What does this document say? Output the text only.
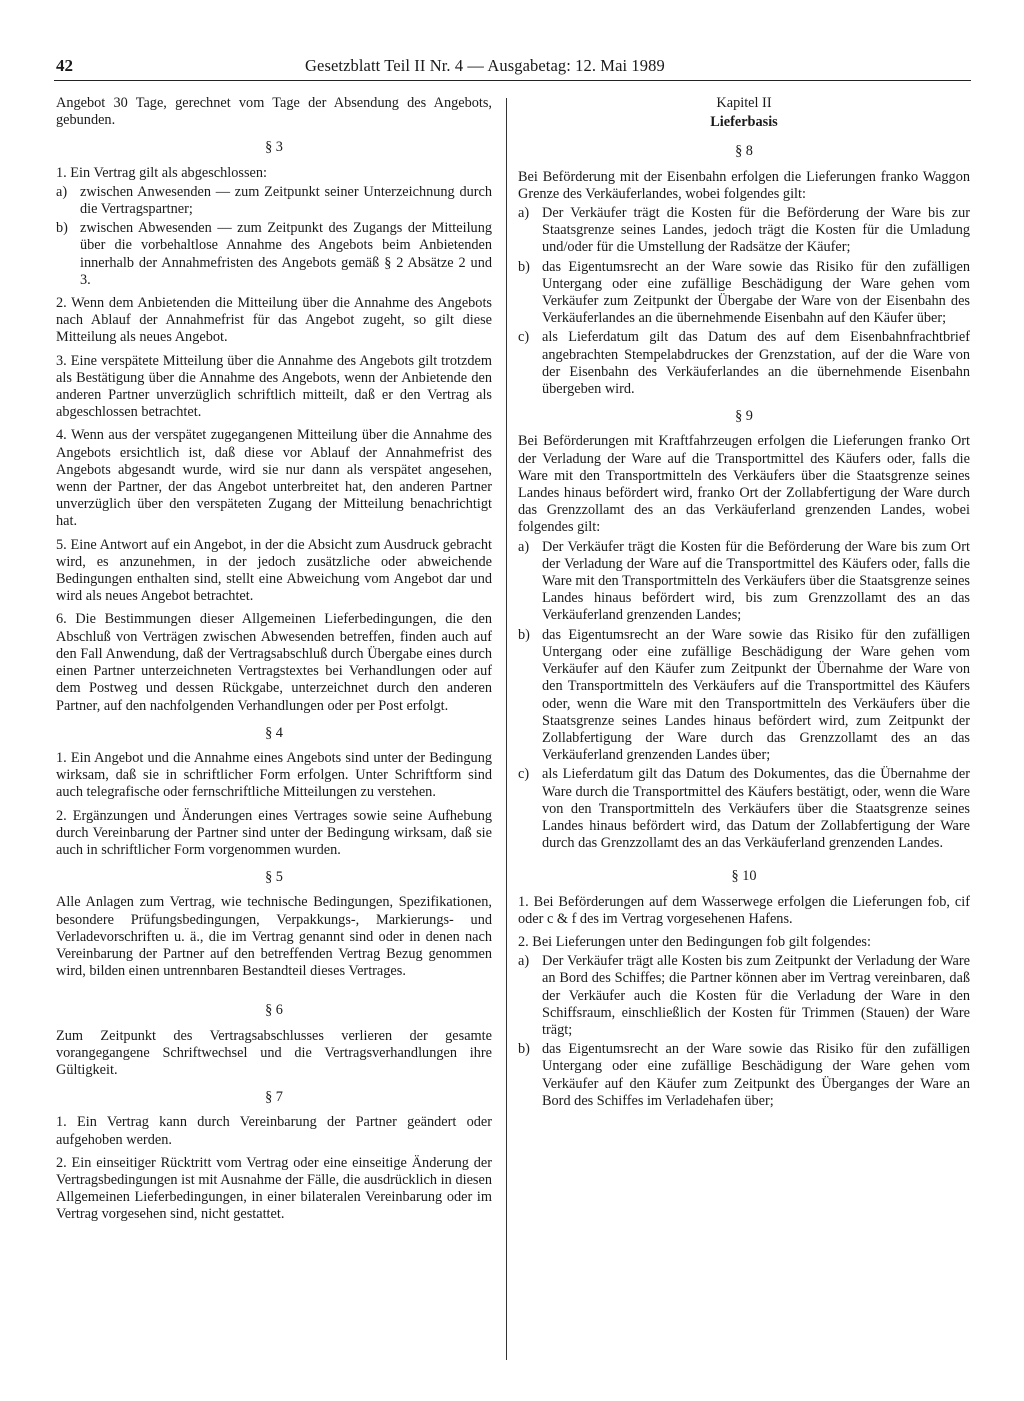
42	Gesetzblatt Teil II Nr. 4 — Ausgabetag: 12. Mai 1989

Angebot 30 Tage, gerechnet vom Tage der Absendung des Angebots, gebunden.

§ 3

1. Ein Vertrag gilt als abgeschlossen:

a) zwischen Anwesenden — zum Zeitpunkt seiner Unterzeichnung durch die Vertragspartner;
b) zwischen Abwesenden — zum Zeitpunkt des Zugangs der Mitteilung über die vorbehaltlose Annahme des Angebots beim Anbietenden innerhalb der Annahmefristen des Angebots gemäß § 2 Absätze 2 und 3.

2. Wenn dem Anbietenden die Mitteilung über die Annahme des Angebots nach Ablauf der Annahmefrist für das Angebot zugeht, so gilt diese Mitteilung als neues Angebot.

3. Eine verspätete Mitteilung über die Annahme des Angebots gilt trotzdem als Bestätigung über die Annahme des Angebots, wenn der Anbietende den anderen Partner unverzüglich schriftlich mitteilt, daß er den Vertrag als abgeschlossen betrachtet.

4. Wenn aus der verspätet zugegangenen Mitteilung über die Annahme des Angebots ersichtlich ist, daß diese vor Ablauf der Annahmefrist des Angebots abgesandt wurde, wird sie nur dann als verspätet angesehen, wenn der Partner, der das Angebot unterbreitet hat, den anderen Partner unverzüglich über den verspäteten Zugang der Mitteilung benachrichtigt hat.

5. Eine Antwort auf ein Angebot, in der die Absicht zum Ausdruck gebracht wird, es anzunehmen, in der jedoch zusätzliche oder abweichende Bedingungen enthalten sind, stellt eine Abweichung vom Angebot dar und wird als neues Angebot betrachtet.

6. Die Bestimmungen dieser Allgemeinen Lieferbedingungen, die den Abschluß von Verträgen zwischen Abwesenden betreffen, finden auch auf den Fall Anwendung, daß der Vertragsabschluß durch Übergabe eines durch einen Partner unterzeichneten Vertragstextes bei Verhandlungen oder auf dem Postweg und dessen Rückgabe, unterzeichnet durch den anderen Partner, auf den nachfolgenden Verhandlungen oder per Post erfolgt.

§ 4

1. Ein Angebot und die Annahme eines Angebots sind unter der Bedingung wirksam, daß sie in schriftlicher Form erfolgen. Unter Schriftform sind auch telegrafische oder fernschriftliche Mitteilungen zu verstehen.

2. Ergänzungen und Änderungen eines Vertrages sowie seine Aufhebung durch Vereinbarung der Partner sind unter der Bedingung wirksam, daß sie auch in schriftlicher Form vorgenommen wurden.

§ 5

Alle Anlagen zum Vertrag, wie technische Bedingungen, Spezifikationen, besondere Prüfungsbedingungen, Verpakkungs-, Markierungs- und Verladevorschriften u. ä., die im Vertrag genannt sind oder in denen nach Vereinbarung der Partner auf den betreffenden Vertrag Bezug genommen wird, bilden einen untrennbaren Bestandteil dieses Vertrages.

§ 6

Zum Zeitpunkt des Vertragsabschlusses verlieren der gesamte vorangegangene Schriftwechsel und die Vertragsverhandlungen ihre Gültigkeit.

§ 7

1. Ein Vertrag kann durch Vereinbarung der Partner geändert oder aufgehoben werden.

2. Ein einseitiger Rücktritt vom Vertrag oder eine einseitige Änderung der Vertragsbedingungen ist mit Ausnahme der Fälle, die ausdrücklich in diesen Allgemeinen Lieferbedingungen, in einer bilateralen Vereinbarung oder im Vertrag vorgesehen sind, nicht gestattet.

Kapitel II
Lieferbasis
§ 8

Bei Beförderung mit der Eisenbahn erfolgen die Lieferungen franko Waggon Grenze des Verkäuferlandes, wobei folgendes gilt:

a) Der Verkäufer trägt die Kosten für die Beförderung der Ware bis zur Staatsgrenze seines Landes, jedoch trägt die Kosten für die Umladung und/oder für die Umstellung der Radsätze der Käufer;
b) das Eigentumsrecht an der Ware sowie das Risiko für den zufälligen Untergang oder eine zufällige Beschädigung der Ware gehen vom Verkäufer zum Zeitpunkt der Übergabe der Ware von der Eisenbahn des Verkäuferlandes an die übernehmende Eisenbahn auf den Käufer über;
c) als Lieferdatum gilt das Datum des auf dem Eisenbahnfrachtbrief angebrachten Stempelabdruckes der Grenzstation, auf der die Ware von der Eisenbahn des Verkäuferlandes an die übernehmende Eisenbahn übergeben wird.
§ 9

Bei Beförderungen mit Kraftfahrzeugen erfolgen die Lieferungen franko Ort der Verladung der Ware auf die Transportmittel des Käufers oder, falls die Ware mit den Transportmitteln des Verkäufers über die Staatsgrenze seines Landes hinaus befördert wird, franko Ort der Zollabfertigung der Ware durch das Grenzzollamt des an das Verkäuferland grenzenden Landes, wobei folgendes gilt:

a) Der Verkäufer trägt die Kosten für die Beförderung der Ware bis zum Ort der Verladung der Ware auf die Transportmittel des Käufers oder, falls die Ware mit den Transportmitteln des Verkäufers über die Staatsgrenze seines Landes hinaus befördert wird, bis zum Grenzzollamt des an das Verkäuferland grenzenden Landes;
b) das Eigentumsrecht an der Ware sowie das Risiko für den zufälligen Untergang oder eine zufällige Beschädigung der Ware gehen vom Verkäufer auf den Käufer zum Zeitpunkt der Übernahme der Ware von den Transportmitteln des Verkäufers auf die Transportmittel des Käufers oder, wenn die Ware mit den Transportmitteln des Verkäufers über die Staatsgrenze seines Landes hinaus befördert wird, zum Zeitpunkt der Zollabfertigung der Ware durch das Grenzzollamt des an das Verkäuferland grenzenden Landes über;
c) als Lieferdatum gilt das Datum des Dokumentes, das die Übernahme der Ware durch die Transportmittel des Käufers bestätigt, oder, wenn die Ware von den Transportmitteln des Verkäufers über die Staatsgrenze seines Landes hinaus befördert wird, das Datum der Zollabfertigung der Ware durch das Grenzzollamt des an das Verkäuferland grenzenden Landes.
§ 10

1. Bei Beförderungen auf dem Wasserwege erfolgen die Lieferungen fob, cif oder c & f des im Vertrag vorgesehenen Hafens.

2. Bei Lieferungen unter den Bedingungen fob gilt folgendes:

a) Der Verkäufer trägt alle Kosten bis zum Zeitpunkt der Verladung der Ware an Bord des Schiffes; die Partner können aber im Vertrag vereinbaren, daß der Verkäufer auch die Kosten für die Verladung der Ware in den Schiffsraum, einschließlich der Kosten für Trimmen (Stauen) der Ware trägt;
b) das Eigentumsrecht an der Ware sowie das Risiko für den zufälligen Untergang oder eine zufällige Beschädigung der Ware gehen vom Verkäufer auf den Käufer zum Zeitpunkt des Überganges der Ware an Bord des Schiffes im Verladehafen über;
